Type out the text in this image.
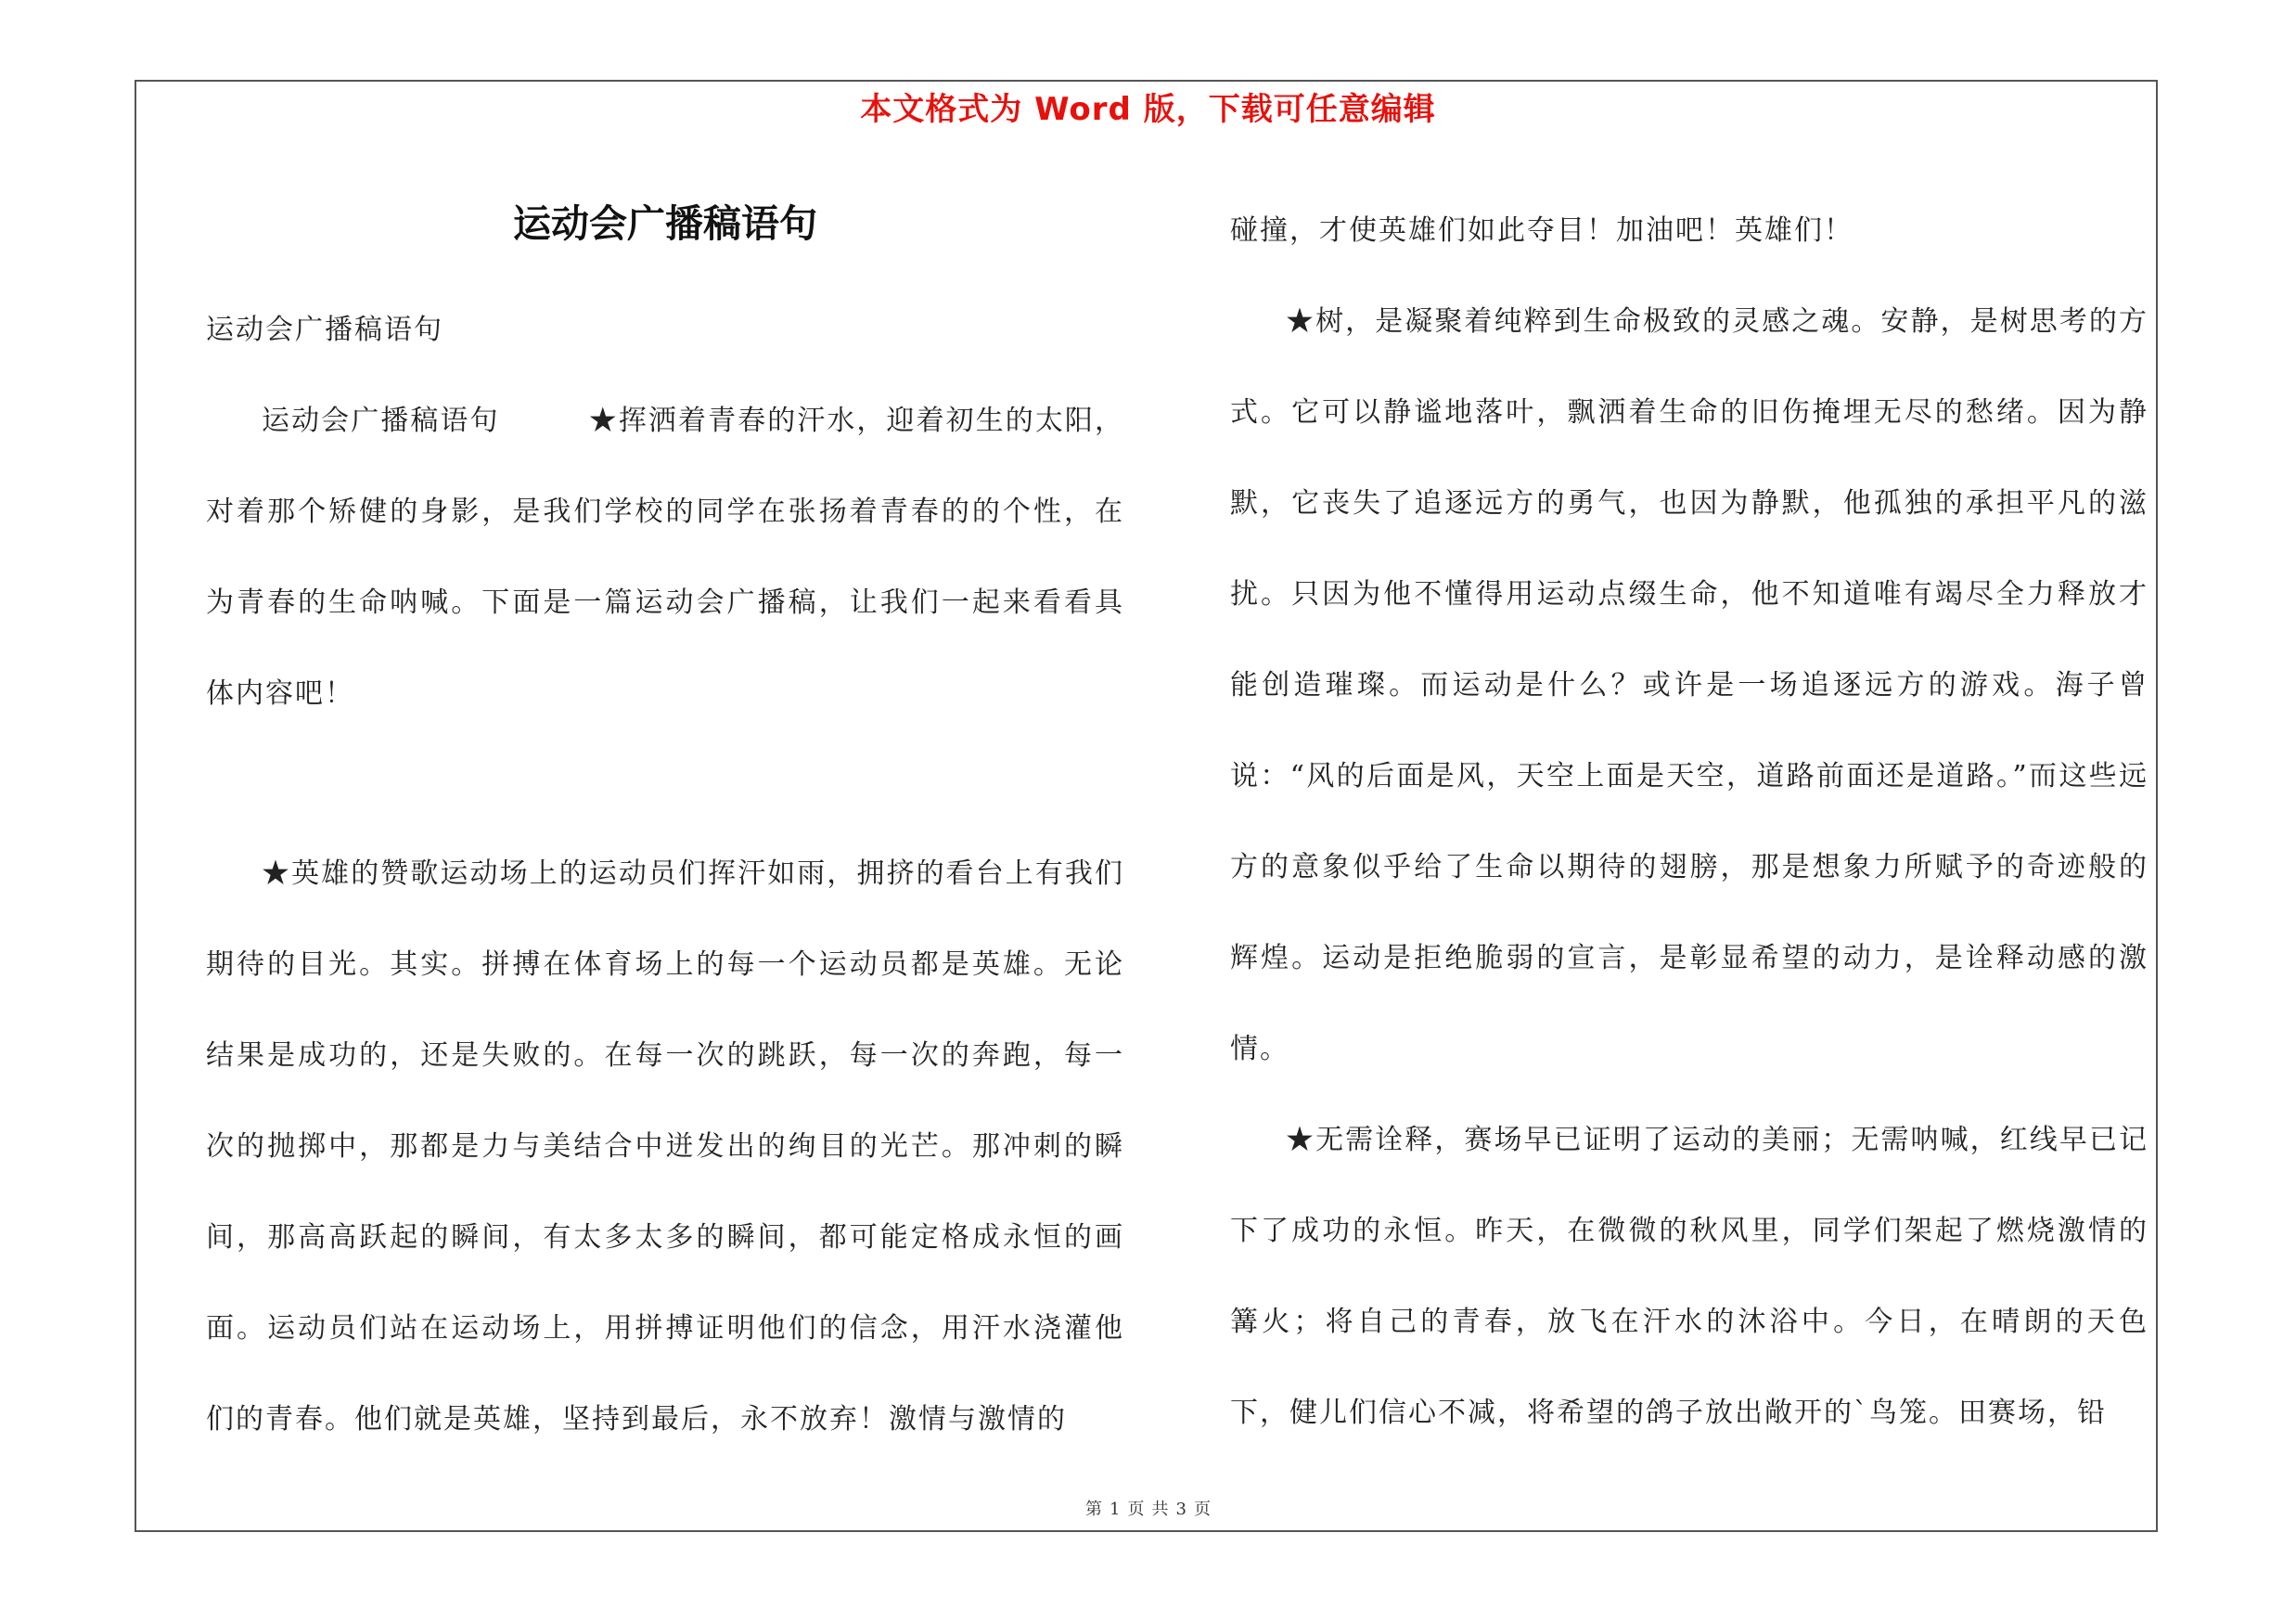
本文格式为 Word 版，下载可任意编辑
运动会广播稿语句

运动会广播稿语句

运动会广播稿语句　　　★挥洒着青春的汗水，迎着初生的太阳，对着那个矫健的身影，是我们学校的同学在张扬着青春的的个性，在为青春的生命呐喊。下面是一篇运动会广播稿，让我们一起来看看具体内容吧！

★英雄的赞歌运动场上的运动员们挥汗如雨，拥挤的看台上有我们期待的目光。其实。拼搏在体育场上的每一个运动员都是英雄。无论结果是成功的，还是失败的。在每一次的跳跃，每一次的奔跑，每一次的抛掷中，那都是力与美结合中迸发出的绚目的光芒。那冲刺的瞬间，那高高跃起的瞬间，有太多太多的瞬间，都可能定格成永恒的画面。运动员们站在运动场上，用拼搏证明他们的信念，用汗水浇灌他们的青春。他们就是英雄，坚持到最后，永不放弃！激情与激情的

碰撞，才使英雄们如此夺目！加油吧！英雄们！

★树，是凝聚着纯粹到生命极致的灵感之魂。安静，是树思考的方式。它可以静谧地落叶，飘洒着生命的旧伤掩埋无尽的愁绪。因为静默，它丧失了追逐远方的勇气，也因为静默，他孤独的承担平凡的滋扰。只因为他不懂得用运动点缀生命，他不知道唯有竭尽全力释放才能创造璀璨。而运动是什么？或许是一场追逐远方的游戏。海子曾说：“风的后面是风，天空上面是天空，道路前面还是道路。”而这些远方的意象似乎给了生命以期待的翅膀，那是想象力所赋予的奇迹般的辉煌。运动是拒绝脆弱的宣言，是彰显希望的动力，是诠释动感的激情。

★无需诠释，赛场早已证明了运动的美丽；无需呐喊，红线早已记下了成功的永恒。昨天，在微微的秋风里，同学们架起了燃烧激情的篝火；将自己的青春，放飞在汗水的沐浴中。今日，在晴朗的天色下，健儿们信心不减，将希望的鸽子放出敞开的`鸟笼。田赛场，铅

第 1 页 共 3 页
